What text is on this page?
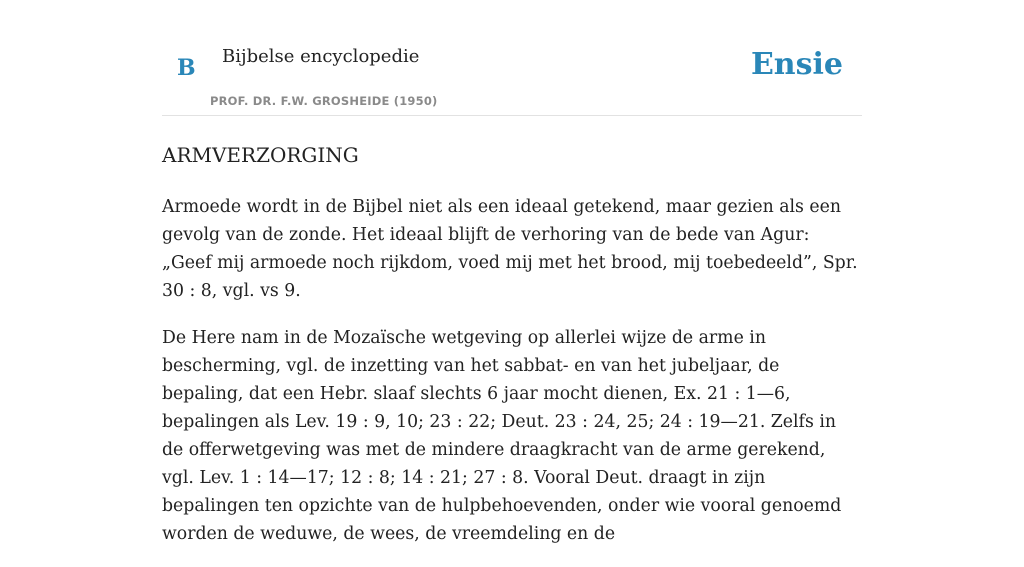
B Bijbelse encyclopedie
PROF. DR. F.W. GROSHEIDE (1950)
Ensie
ARMVERZORGING

Armoede wordt in de Bijbel niet als een ideaal getekend, maar gezien als een gevolg van de zonde. Het ideaal blijft de verhoring van de bede van Agur: „Geef mij armoede noch rijkdom, voed mij met het brood, mij toebedeeld”, Spr. 30 : 8, vgl. vs 9.

De Here nam in de Mozaïsche wetgeving op allerlei wijze de arme in bescherming, vgl. de inzetting van het sabbat- en van het jubeljaar, de bepaling, dat een Hebr. slaaf slechts 6 jaar mocht dienen, Ex. 21 : 1—6, bepalingen als Lev. 19 : 9, 10; 23 : 22; Deut. 23 : 24, 25; 24 : 19—21. Zelfs in de offerwetgeving was met de mindere draagkracht van de arme gerekend, vgl. Lev. 1 : 14—17; 12 : 8; 14 : 21; 27 : 8. Vooral Deut. draagt in zijn bepalingen ten opzichte van de hulpbehoevenden, onder wie vooral genoemd worden de weduwe, de wees, de vreemdeling en de
